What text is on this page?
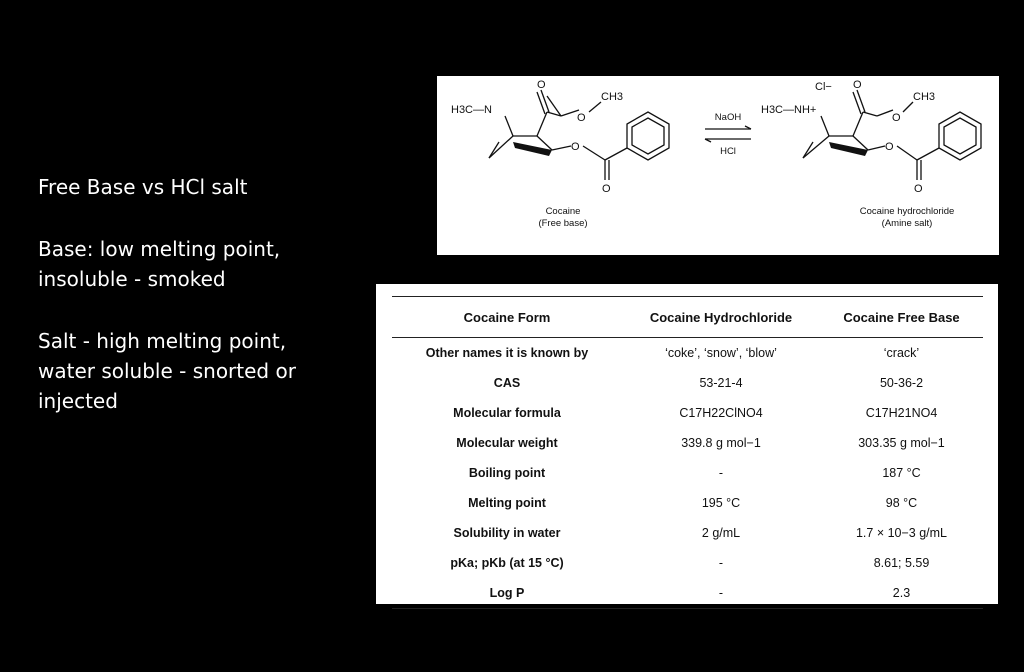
Free Base vs HCl salt

Base: low melting point,

insoluble - smoked

Salt - high melting point,

water soluble - snorted or

injected

H3C—N
O
O
CH3
O
O
Cocaine
(Free base)
NaOH
HCl
Cl−
H3C—NH+
O
O
CH3
O
O
Cocaine hydrochloride
(Amine salt)
Cocaine Form	Cocaine Hydrochloride	Cocaine Free Base
Other names it is known by	‘coke’, ‘snow’, ‘blow’	‘crack’
CAS	53-21-4	50-36-2
Molecular formula	C17H22ClNO4	C17H21NO4
Molecular weight	339.8 g mol−1	303.35 g mol−1
Boiling point	-	187 °C
Melting point	195 °C	98 °C
Solubility in water	2 g/mL	1.7 × 10−3 g/mL
pKa; pKb (at 15 °C)	-	8.61; 5.59
Log P	-	2.3
